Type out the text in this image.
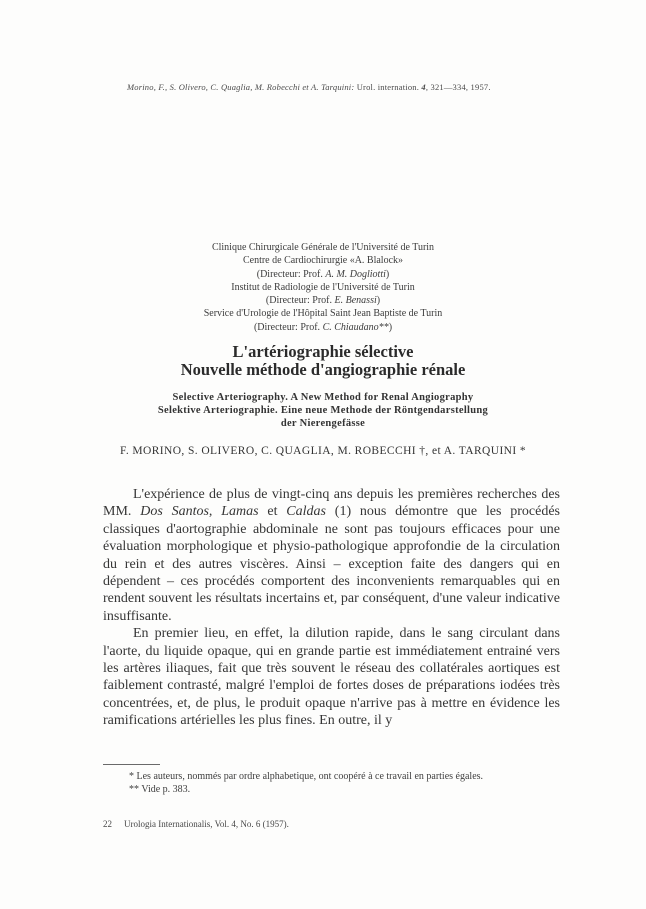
Morino, F., S. Olivero, C. Quaglia, M. Robecchi et A. Tarquini: Urol. internation. 4, 321—334, 1957.
Clinique Chirurgicale Générale de l'Université de Turin
Centre de Cardiochirurgie «A. Blalock»
(Directeur: Prof. A. M. Dogliotti)
Institut de Radiologie de l'Université de Turin
(Directeur: Prof. E. Benassi)
Service d'Urologie de l'Hôpital Saint Jean Baptiste de Turin
(Directeur: Prof. C. Chiaudano**)
L'artériographie sélective
Nouvelle méthode d'angiographie rénale
Selective Arteriography. A New Method for Renal Angiography
Selektive Arteriographie. Eine neue Methode der Röntgendarstellung
der Nierengefässe
F. MORINO, S. OLIVERO, C. QUAGLIA, M. ROBECCHI †, et A. TARQUINI *

L'expérience de plus de vingt-cinq ans depuis les premières recherches des MM. Dos Santos, Lamas et Caldas (1) nous démontre que les procédés classiques d'aortographie abdominale ne sont pas toujours efficaces pour une évaluation morphologique et physio-pathologique approfondie de la circulation du rein et des autres viscères. Ainsi – exception faite des dangers qui en dépendent – ces procédés comportent des inconvenients remarquables qui en rendent souvent les résultats incertains et, par conséquent, d'une valeur indicative insuffisante.

En premier lieu, en effet, la dilution rapide, dans le sang circulant dans l'aorte, du liquide opaque, qui en grande partie est immédiatement entrainé vers les artères iliaques, fait que très souvent le réseau des collatérales aortiques est faiblement contrasté, malgré l'emploi de fortes doses de préparations iodées très concentrées, et, de plus, le produit opaque n'arrive pas à mettre en évidence les ramifications artérielles les plus fines. En outre, il y

* Les auteurs, nommés par ordre alphabetique, ont coopéré à ce travail en parties égales.

** Vide p. 383.

22 Urologia Internationalis, Vol. 4, No. 6 (1957).
